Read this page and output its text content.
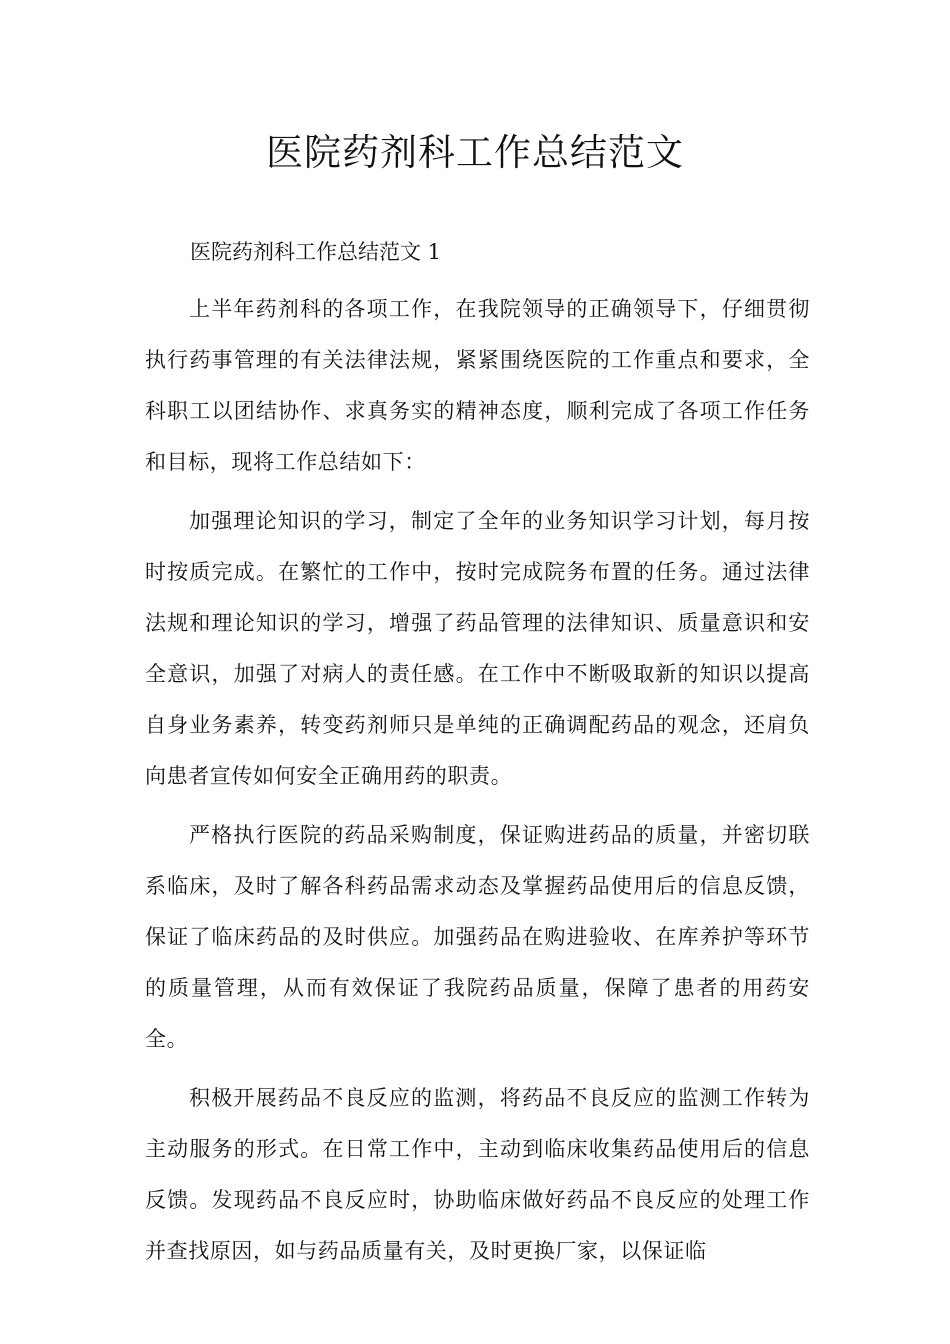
医院药剂科工作总结范文

医院药剂科工作总结范文 1

上半年药剂科的各项工作，在我院领导的正确领导下，仔细贯彻执行药事管理的有关法律法规，紧紧围绕医院的工作重点和要求，全科职工以团结协作、求真务实的精神态度，顺利完成了各项工作任务和目标，现将工作总结如下：

加强理论知识的学习，制定了全年的业务知识学习计划，每月按时按质完成。在繁忙的工作中，按时完成院务布置的任务。通过法律法规和理论知识的学习，增强了药品管理的法律知识、质量意识和安全意识，加强了对病人的责任感。在工作中不断吸取新的知识以提高自身业务素养，转变药剂师只是单纯的正确调配药品的观念，还肩负向患者宣传如何安全正确用药的职责。

严格执行医院的药品采购制度，保证购进药品的质量，并密切联系临床，及时了解各科药品需求动态及掌握药品使用后的信息反馈，保证了临床药品的及时供应。加强药品在购进验收、在库养护等环节的质量管理，从而有效保证了我院药品质量，保障了患者的用药安全。

积极开展药品不良反应的监测，将药品不良反应的监测工作转为主动服务的形式。在日常工作中，主动到临床收集药品使用后的信息反馈。发现药品不良反应时，协助临床做好药品不良反应的处理工作并查找原因，如与药品质量有关，及时更换厂家，以保证临
